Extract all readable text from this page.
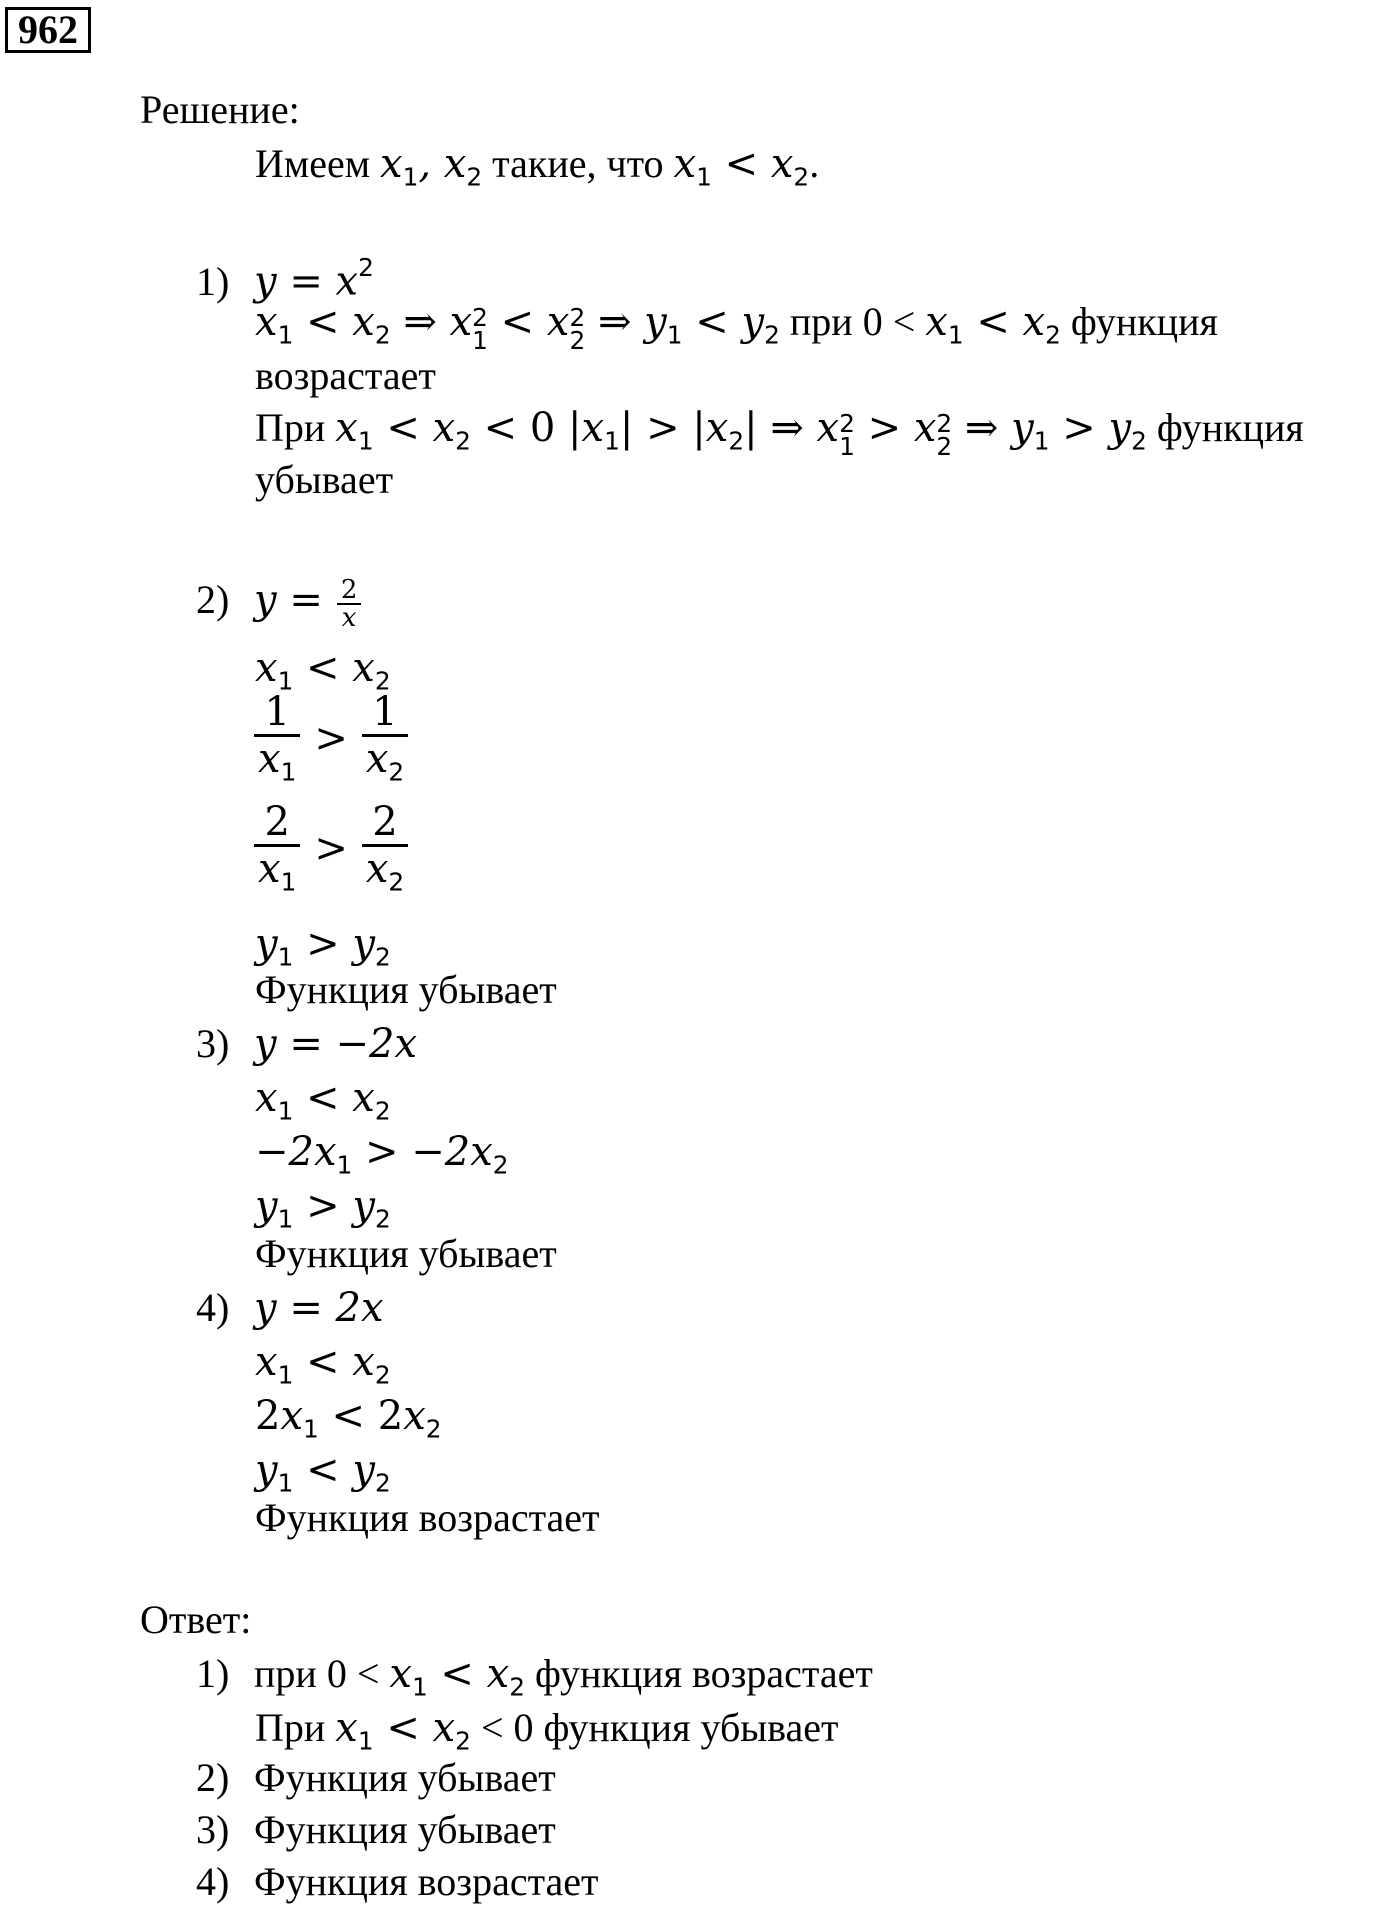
962
Решение:
Имеем $x_1$, $x_2$ такие, что $x_1 < x_2$.
1) $y = x^2$
$x_1 < x_2$ ⇒ x 2
1 < x 2
2 ⇒ $y_1 < y_2$ при $0 < x_1 < x_2$ функция
возрастает
При $x_1 < x_2 < 0$ $|x_1| > |x_2|$ ⇒ x 2
1 > x 2
2 ⇒ $y_1 > y_2$ функция
убывает
2) $y = \frac{2}{x}$
$x_1 < x_2$
$\frac{1}{x_1} > \frac{1}{x_2}$
$\frac{2}{x_1} > \frac{2}{x_2}$
$y_1 > y_2$
Функция убывает
3) y = −2x
$x_1 < x_2$
$-2x_1 > -2x_2$
$y_1 > y_2$
Функция убывает
4) y = 2x
$x_1 < x_2$
$2x_1 < 2x_2$
$y_1 < y_2$
Функция возрастает
Ответ:
1) при $0 < x_1 < x_2$ функция возрастает
При $x_1 < x_2 < 0$ функция убывает
2) Функция убывает
3) Функция убывает
4) Функция возрастает
